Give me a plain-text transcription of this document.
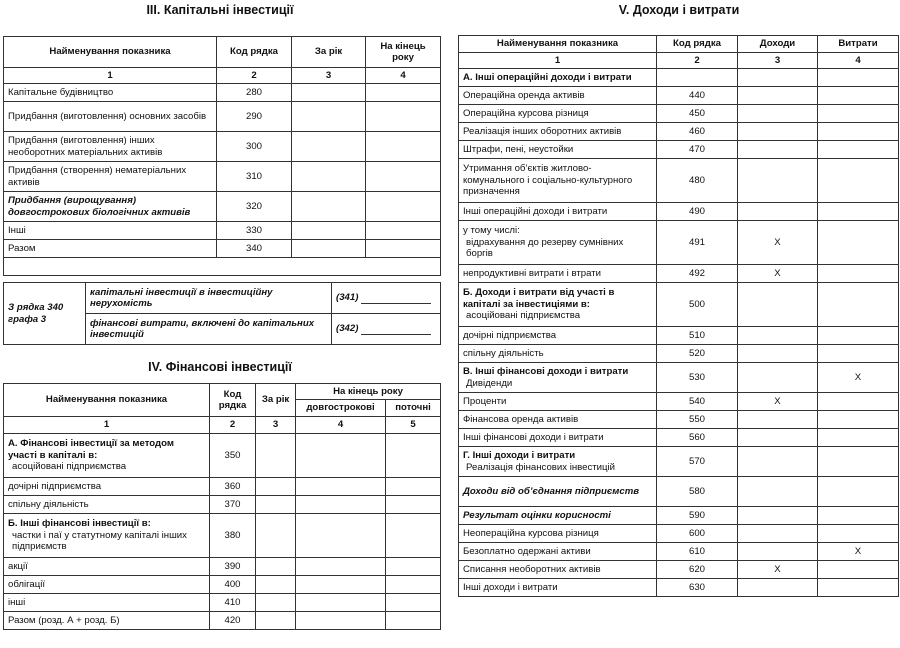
ІІІ. Капітальні інвестиції
Найменування показника	Код рядка	За рік	На кінець року
1	2	3	4
Капітальне будівництво	280		
Придбання (виготовлення) основних засобів	290		
Придбання (виготовлення) інших необоротних матеріальних активів	300		
Придбання (створення) нематеріальних активів	310		
Придбання (вирощування) довгострокових біологічних активів	320		
Інші	330		
Разом	340		

З рядка 340 графа 3	капітальні інвестиції в інвестиційну нерухомість	(341)
	фінансові витрати, включені до капітальних інвестицій	(342)
ІV. Фінансові інвестиції
Найменування показника	Код рядка	За рік	На кінець року	
			довгострокові	поточні
1	2	3	4	5

А. Фінансові інвестиції за методом участі в капіталі в:
асоційовані підприємства	350			
дочірні підприємства	360			
спільну діяльність	370			

Б. Інші фінансові інвестиції в:
частки і паї у статутному капіталі інших підприємств	380			
акції	390			
облігації	400			
інші	410			
Разом (розд. А + розд. Б)	420			
V. Доходи і витрати
Найменування показника	Код рядка	Доходи	Витрати
1	2	3	4
А. Інші операційні доходи і витрати			
Операційна оренда активів	440		
Операційна курсова різниця	450		
Реалізація інших оборотних активів	460		
Штрафи, пені, неустойки	470		
Утримання об’єктів житлово-комунального і соціально-культурного призначення	480		
Інші операційні доходи і витрати	490		

у тому числі:
відрахування до резерву сумнівних боргів	491	X	
непродуктивні витрати і втрати	492	X	

Б. Доходи і витрати від участі в капіталі за інвестиціями в:
асоційовані підприємства	500		
дочірні підприємства	510		
спільну діяльність	520		

В. Інші фінансові доходи і витрати
Дивіденди	530		X
Проценти	540	X	
Фінансова оренда активів	550		
Інші фінансові доходи і витрати	560		

Г. Інші доходи і витрати
Реалізація фінансових інвестицій	570		
Доходи від об’єднання підприємств	580		
Результат оцінки корисності	590		
Неопераційна курсова різниця	600		
Безоплатно одержані активи	610		X
Списання необоротних активів	620	X	
Інші доходи і витрати	630		
